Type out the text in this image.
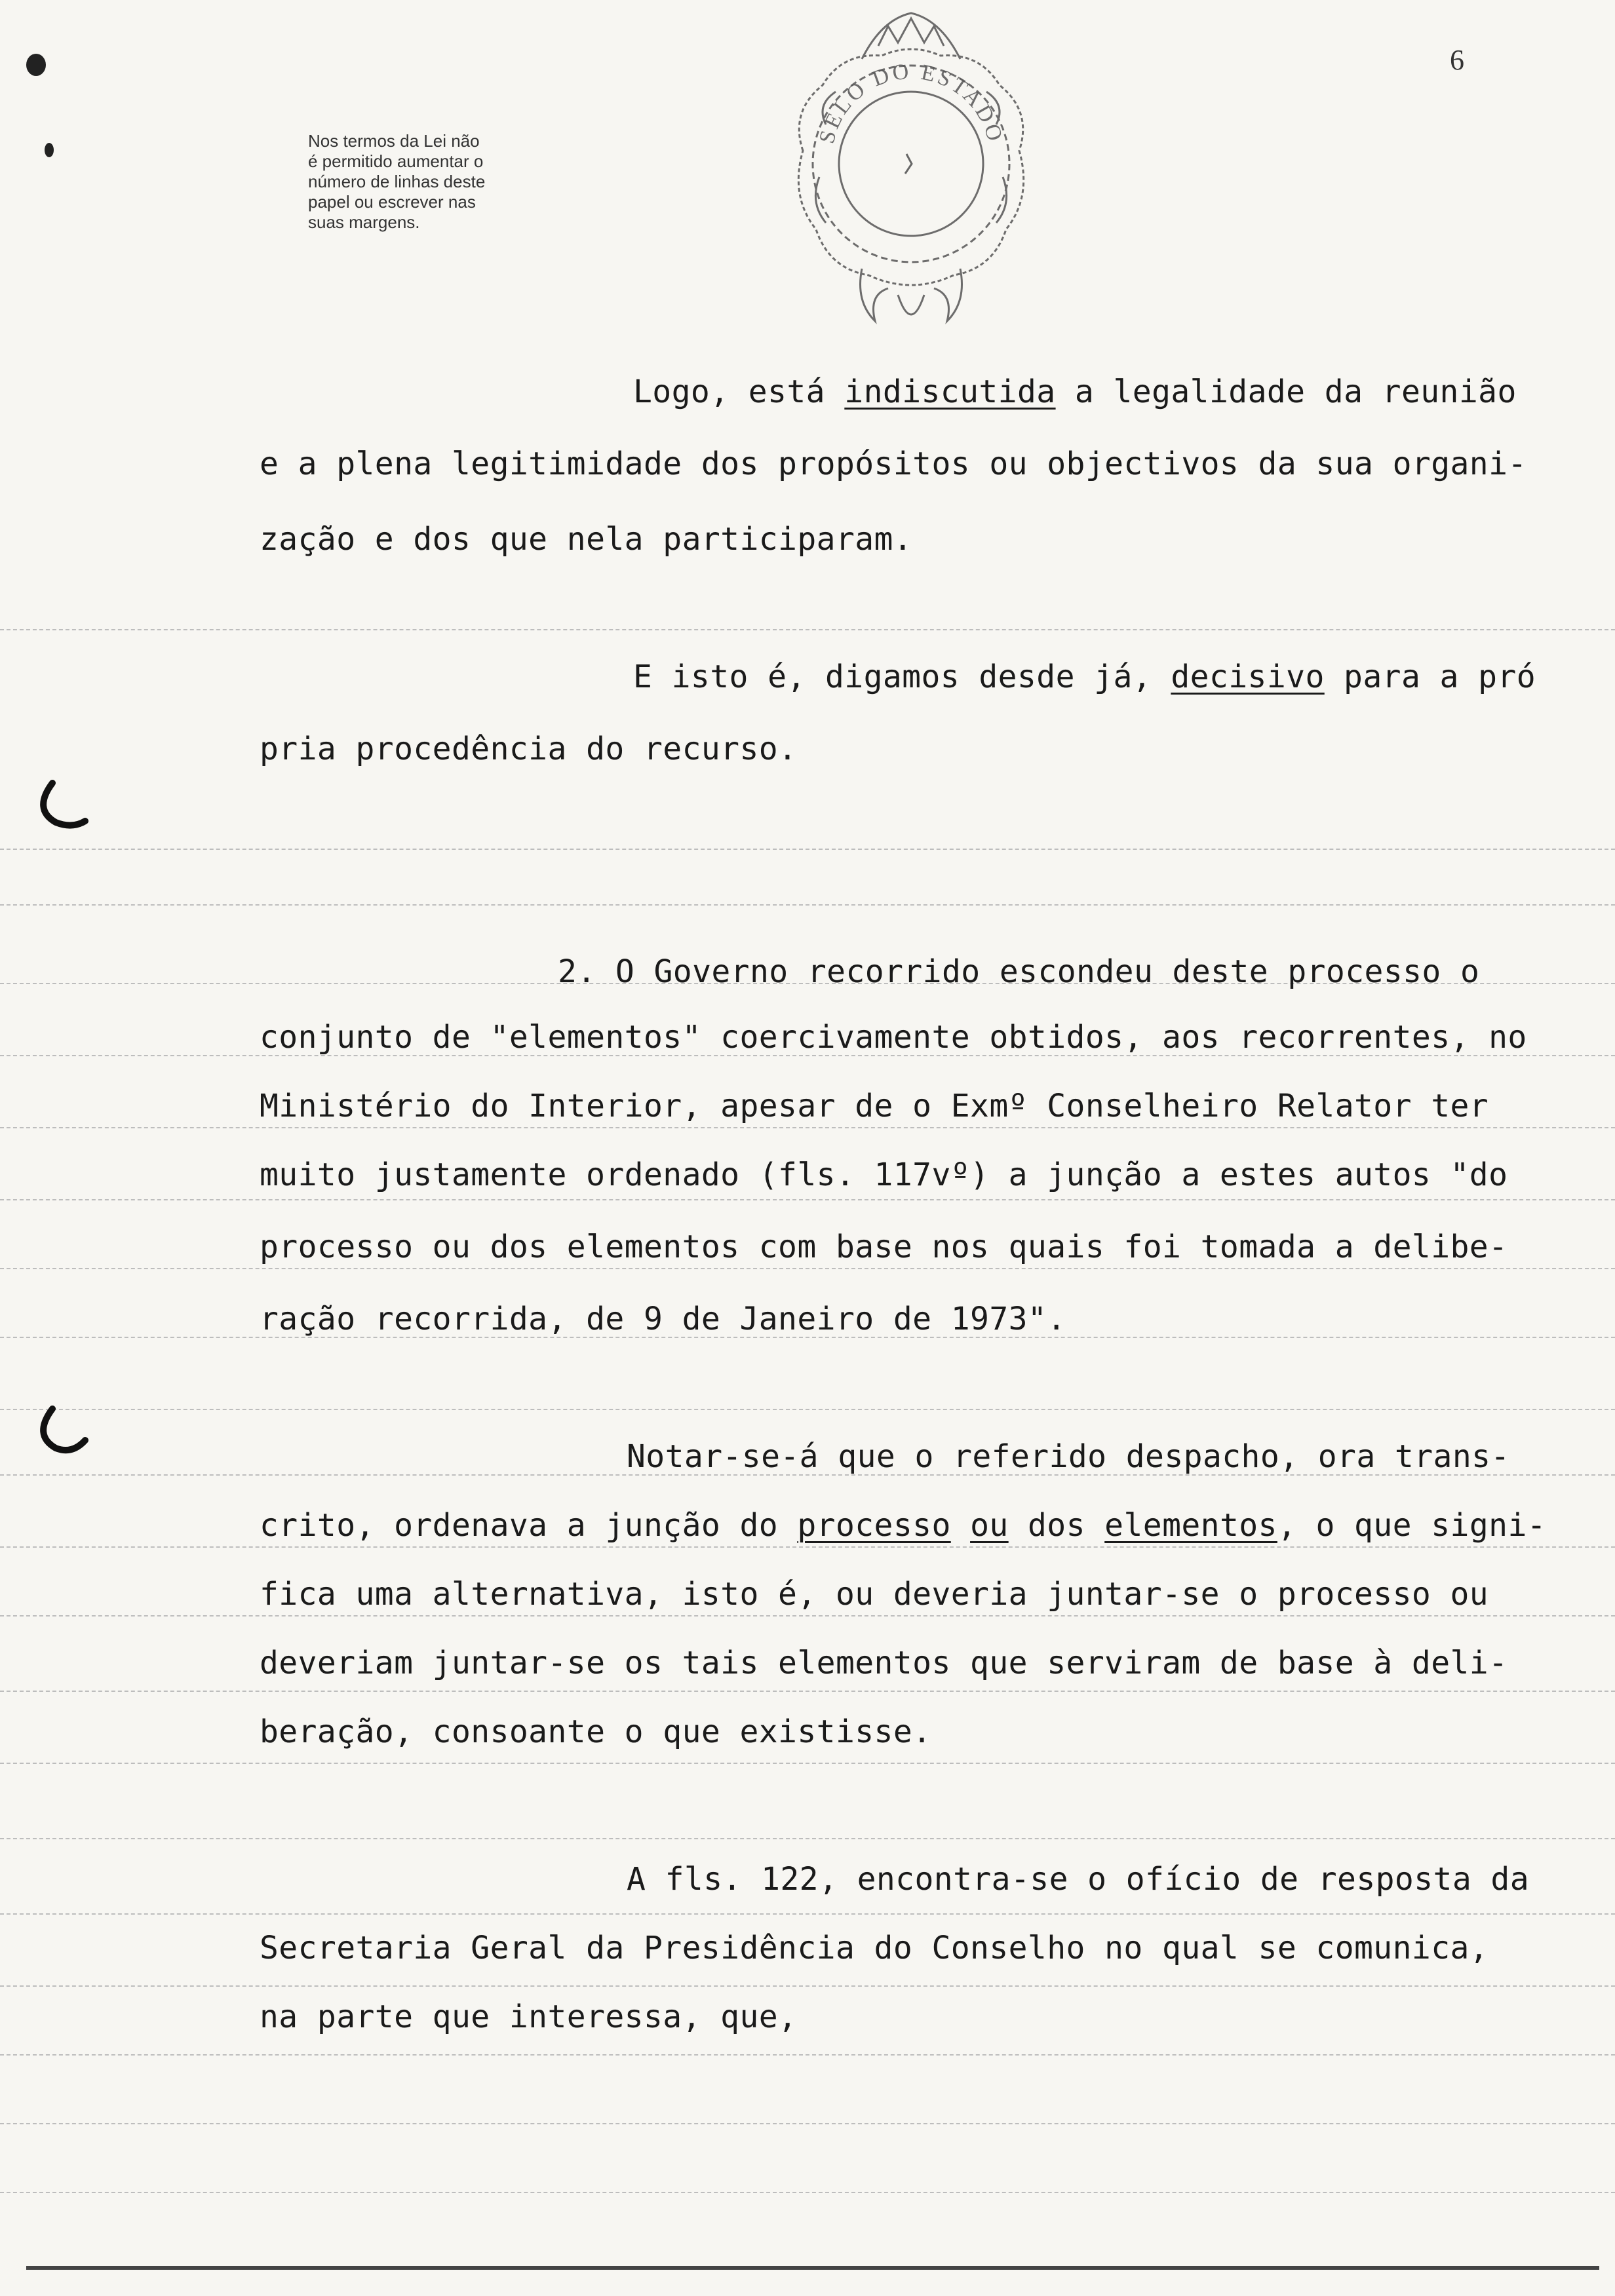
6
Nos termos da Lei não
é permitido aumentar o
número de linhas deste
papel ou escrever nas
suas margens.
SELO DO ESTADO
Logo, está indiscutida a legalidade da reunião
e a plena legitimidade dos propósitos ou objectivos da sua organi-
zação e dos que nela participaram.
E isto é, digamos desde já, decisivo para a pró
pria procedência do recurso.
2. O Governo recorrido escondeu deste processo o
conjunto de "elementos" coercivamente obtidos, aos recorrentes, no
Ministério do Interior, apesar de o Exmº Conselheiro Relator ter
muito justamente ordenado (fls. 117vº) a junção a estes autos "do
processo ou dos elementos com base nos quais foi tomada a delibe-
ração recorrida, de 9 de Janeiro de 1973".
Notar-se-á que o referido despacho, ora trans-
crito, ordenava a junção do processo ou dos elementos, o que signi-
fica uma alternativa, isto é, ou deveria juntar-se o processo ou
deveriam juntar-se os tais elementos que serviram de base à deli-
beração, consoante o que existisse.
A fls. 122, encontra-se o ofício de resposta da
Secretaria Geral da Presidência do Conselho no qual se comunica,
na parte que interessa, que,
